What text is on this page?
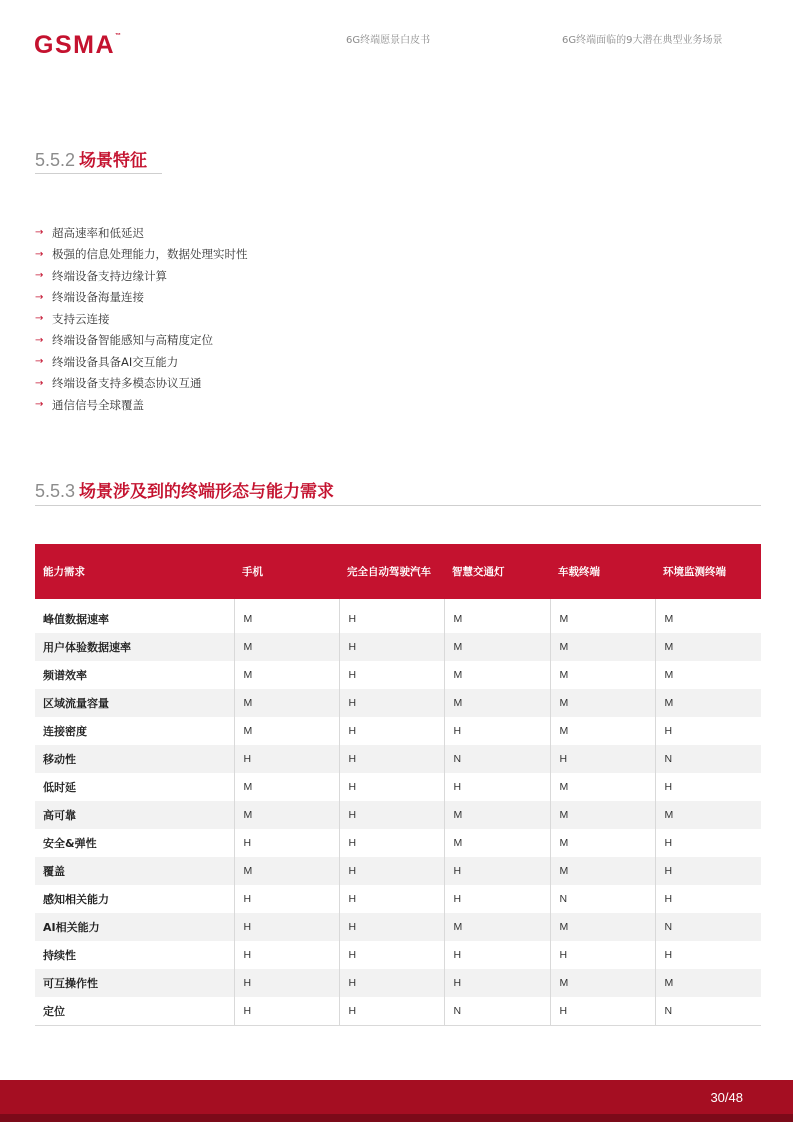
GSMA™	6G终端愿景白皮书	6G终端面临的9大潜在典型业务场景
5.5.2 场景特征
→ 超高速率和低延迟
→ 极强的信息处理能力，数据处理实时性
→ 终端设备支持边缘计算
→ 终端设备海量连接
→ 支持云连接
→ 终端设备智能感知与高精度定位
→ 终端设备具备AI交互能力
→ 终端设备支持多模态协议互通
→ 通信信号全球覆盖
5.5.3 场景涉及到的终端形态与能力需求
能力需求	手机	完全自动驾驶汽车	智慧交通灯	车载终端	环境监测终端
峰值数据速率	M	H	M	M	M
用户体验数据速率	M	H	M	M	M
频谱效率	M	H	M	M	M
区域流量容量	M	H	M	M	M
连接密度	M	H	H	M	H
移动性	H	H	N	H	N
低时延	M	H	H	M	H
高可靠	M	H	M	M	M
安全&弹性	H	H	M	M	H
覆盖	M	H	H	M	H
感知相关能力	H	H	H	N	H
AI相关能力	H	H	M	M	N
持续性	H	H	H	H	H
可互操作性	H	H	H	M	M
定位	H	H	N	H	N
30/48
